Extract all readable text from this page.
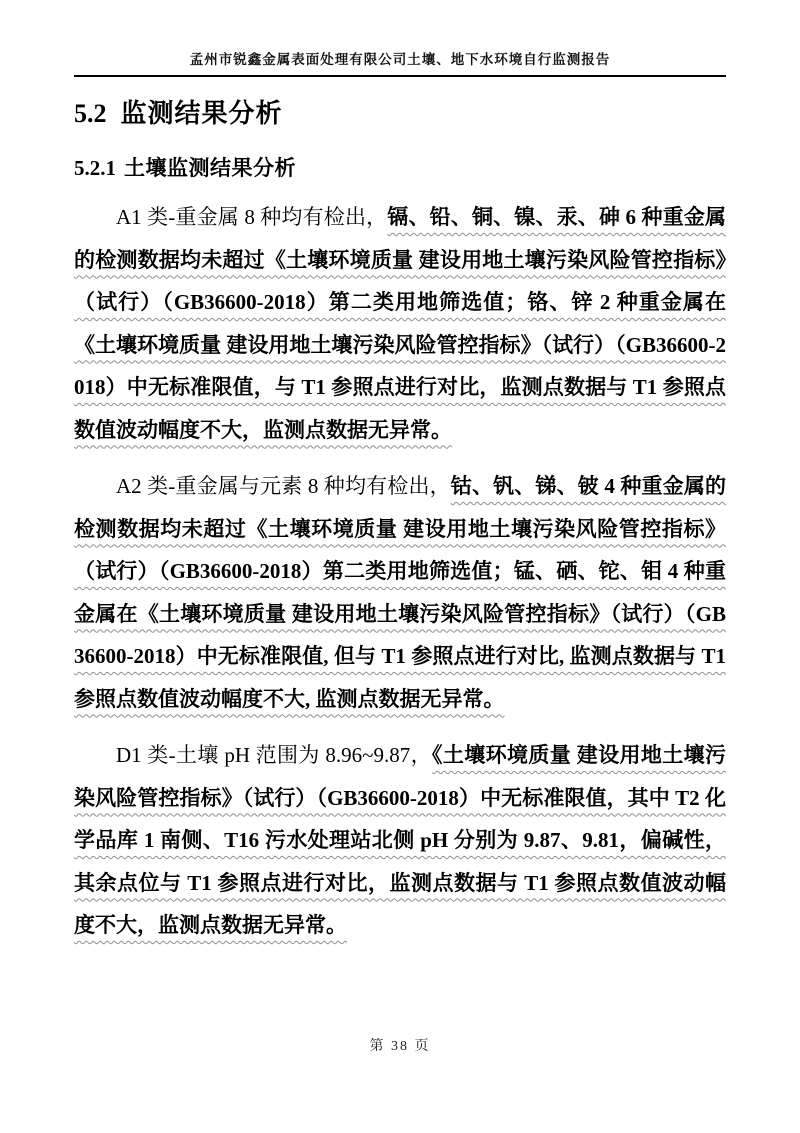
孟州市锐鑫金属表面处理有限公司土壤、地下水环境自行监测报告
5.2 监测结果分析
5.2.1 土壤监测结果分析

A1 类-重金属 8 种均有检出，镉、铅、铜、镍、汞、砷 6 种重金属的检测数据均未超过《土壤环境质量 建设用地土壤污染风险管控指标》（试行）（GB36600-2018）第二类用地筛选值；铬、锌 2 种重金属在《土壤环境质量 建设用地土壤污染风险管控指标》（试行）（GB36600-2018）中无标准限值，与 T1 参照点进行对比，监测点数据与 T1 参照点数值波动幅度不大，监测点数据无异常。

A2 类-重金属与元素 8 种均有检出，钴、钒、锑、铍 4 种重金属的检测数据均未超过《土壤环境质量 建设用地土壤污染风险管控指标》（试行）（GB36600-2018）第二类用地筛选值；锰、硒、铊、钼 4 种重金属在《土壤环境质量 建设用地土壤污染风险管控指标》（试行）（GB36600-2018）中无标准限值, 但与 T1 参照点进行对比, 监测点数据与 T1 参照点数值波动幅度不大, 监测点数据无异常。

D1 类-土壤 pH 范围为 8.96~9.87，《土壤环境质量 建设用地土壤污染风险管控指标》（试行）（GB36600-2018）中无标准限值，其中 T2 化学品库 1 南侧、T16 污水处理站北侧 pH 分别为 9.87、9.81，偏碱性，其余点位与 T1 参照点进行对比，监测点数据与 T1 参照点数值波动幅度不大，监测点数据无异常。

第 38 页
